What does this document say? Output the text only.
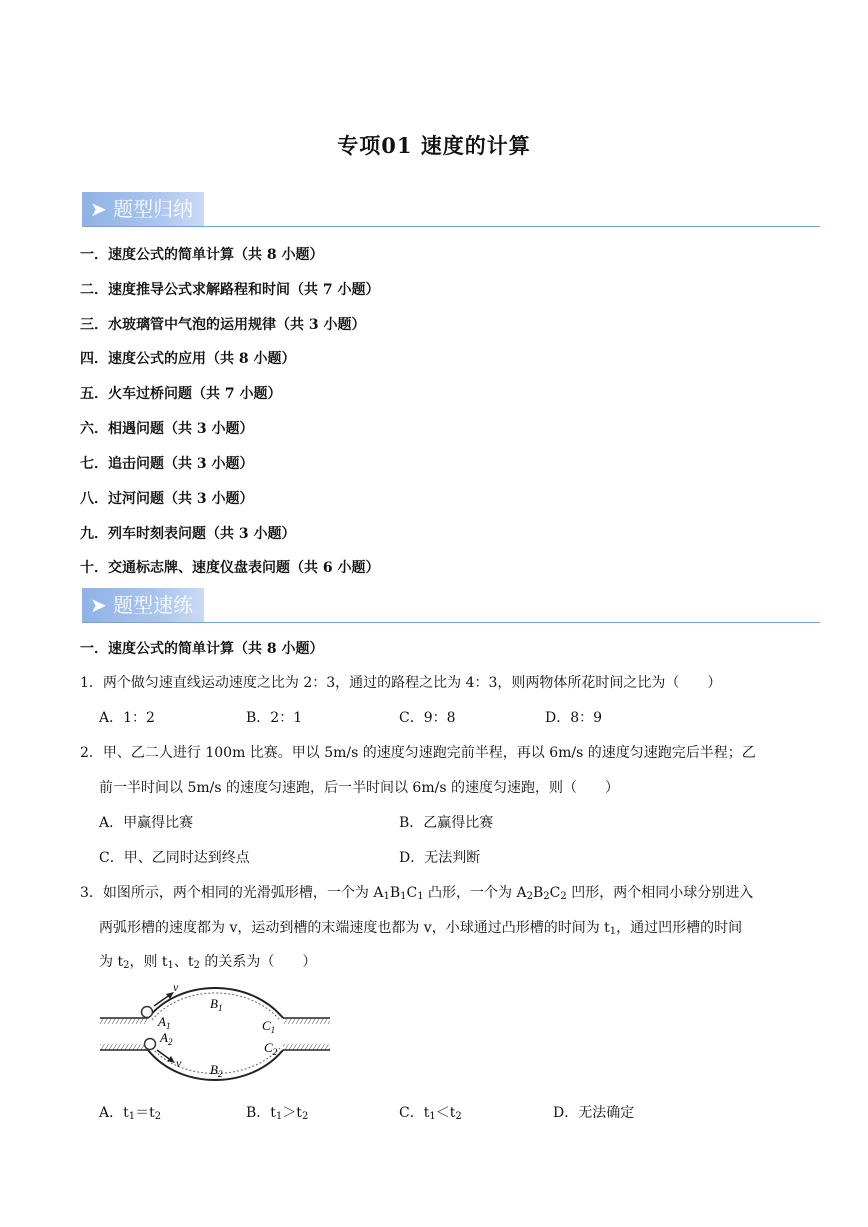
专项01 速度的计算
➤ 题型归纳
一．速度公式的简单计算（共 8 小题）
二．速度推导公式求解路程和时间（共 7 小题）
三．水玻璃管中气泡的运用规律（共 3 小题）
四．速度公式的应用（共 8 小题）
五．火车过桥问题（共 7 小题）
六．相遇问题（共 3 小题）
七．追击问题（共 3 小题）
八．过河问题（共 3 小题）
九．列车时刻表问题（共 3 小题）
十．交通标志牌、速度仪盘表问题（共 6 小题）
➤ 题型速练
一．速度公式的简单计算（共 8 小题）
1．两个做匀速直线运动速度之比为 2：3，通过的路程之比为 4：3，则两物体所花时间之比为（　　）
A．1：2	B．2：1	C．9：8	D．8：9
2．甲、乙二人进行 100m 比赛。甲以 5m/s 的速度匀速跑完前半程，再以 6m/s 的速度匀速跑完后半程；乙
前一半时间以 5m/s 的速度匀速跑，后一半时间以 6m/s 的速度匀速跑，则（　　）
A．甲赢得比赛	B．乙赢得比赛
C．甲、乙同时达到终点	D．无法判断
3．如图所示，两个相同的光滑弧形槽，一个为 $A_1B_1C_1$ 凸形，一个为 $A_2B_2C_2$ 凹形，两个相同小球分别进入
两弧形槽的速度都为 v，运动到槽的末端速度也都为 v，小球通过凸形槽的时间为 $t_1$，通过凹形槽的时间
为 $t_2$，则 $t_1$、$t_2$ 的关系为（　　）
v
$A_1$
$B_1$
$C_1$
$A_2$
v $B_2$
$C_2$
A．$t_1=t_2$	B．$t_1>t_2$	C．$t_1<t_2$	D．无法确定
